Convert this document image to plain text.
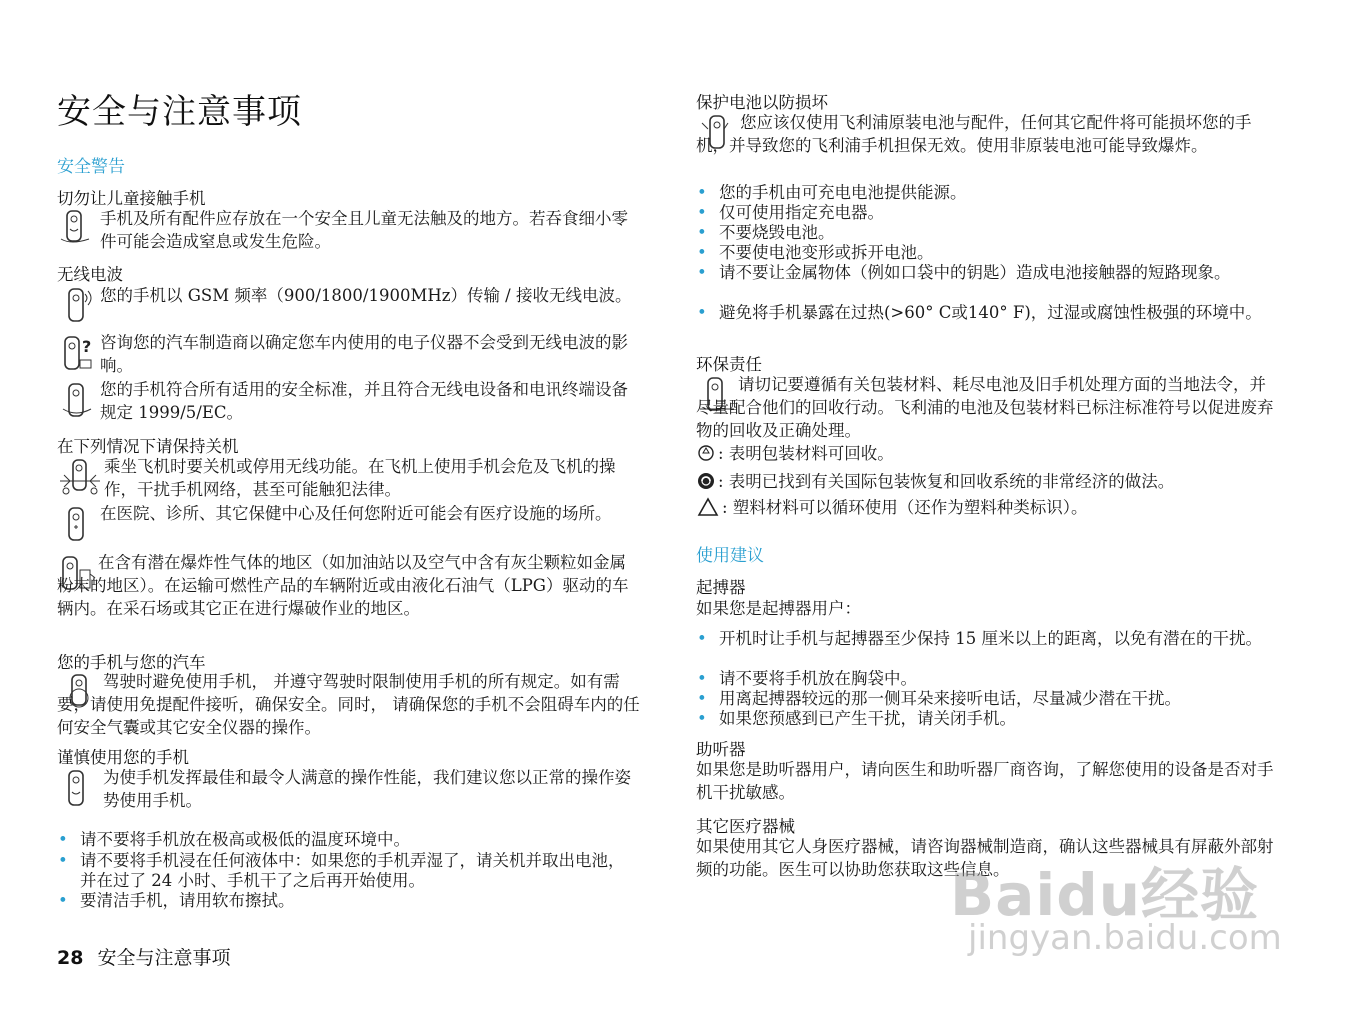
安全与注意事项
安全警告
切勿让儿童接触手机
手机及所有配件应存放在一个安全且儿童无法触及的地方。若吞食细小零件可能会造成窒息或发生危险。
无线电波
您的手机以 GSM 频率（900/1800/1900MHz）传输 / 接收无线电波。
? 咨询您的汽车制造商以确定您车内使用的电子仪器不会受到无线电波的影响。
您的手机符合所有适用的安全标准，并且符合无线电设备和电讯终端设备规定 1999/5/EC。
在下列情况下请保持关机
乘坐飞机时要关机或停用无线功能。在飞机上使用手机会危及飞机的操作，干扰手机网络，甚至可能触犯法律。
在医院、诊所、其它保健中心及任何您附近可能会有医疗设施的场所。
在含有潜在爆炸性气体的地区（如加油站以及空气中含有灰尘颗粒如金属粉末的地区）。在运输可燃性产品的车辆附近或由液化石油气（LPG）驱动的车辆内。在采石场或其它正在进行爆破作业的地区。
您的手机与您的汽车
驾驶时避免使用手机， 并遵守驾驶时限制使用手机的所有规定。如有需要，请使用免提配件接听，确保安全。同时， 请确保您的手机不会阻碍车内的任何安全气囊或其它安全仪器的操作。
谨慎使用您的手机
为使手机发挥最佳和最令人满意的操作性能，我们建议您以正常的操作姿势使用手机。
• 请不要将手机放在极高或极低的温度环境中。
• 请不要将手机浸在任何液体中：如果您的手机弄湿了，请关机并取出电池，并在过了 24 小时、手机干了之后再开始使用。
• 要清洁手机，请用软布擦拭。
28 安全与注意事项
保护电池以防损坏
您应该仅使用飞利浦原装电池与配件，任何其它配件将可能损坏您的手机，并导致您的飞利浦手机担保无效。使用非原装电池可能导致爆炸。
• 您的手机由可充电电池提供能源。
• 仅可使用指定充电器。
• 不要烧毁电池。
• 不要使电池变形或拆开电池。
• 请不要让金属物体（例如口袋中的钥匙）造成电池接触器的短路现象。
• 避免将手机暴露在过热(>60° C或140° F)，过湿或腐蚀性极强的环境中。
环保责任
请切记要遵循有关包装材料、耗尽电池及旧手机处理方面的当地法令，并尽量配合他们的回收行动。飞利浦的电池及包装材料已标注标准符号以促进废弃物的回收及正确处理。
: 表明包装材料可回收。
: 表明已找到有关国际包装恢复和回收系统的非常经济的做法。
: 塑料材料可以循环使用（还作为塑料种类标识）。
使用建议
起搏器
如果您是起搏器用户：
• 开机时让手机与起搏器至少保持 15 厘米以上的距离，以免有潜在的干扰。
• 请不要将手机放在胸袋中。
• 用离起搏器较远的那一侧耳朵来接听电话，尽量减少潜在干扰。
• 如果您预感到已产生干扰，请关闭手机。
助听器
如果您是助听器用户，请向医生和助听器厂商咨询，了解您使用的设备是否对手机干扰敏感。
其它医疗器械
如果使用其它人身医疗器械，请咨询器械制造商，确认这些器械具有屏蔽外部射频的功能。医生可以协助您获取这些信息。
Baidu经验
jingyan.baidu.com
